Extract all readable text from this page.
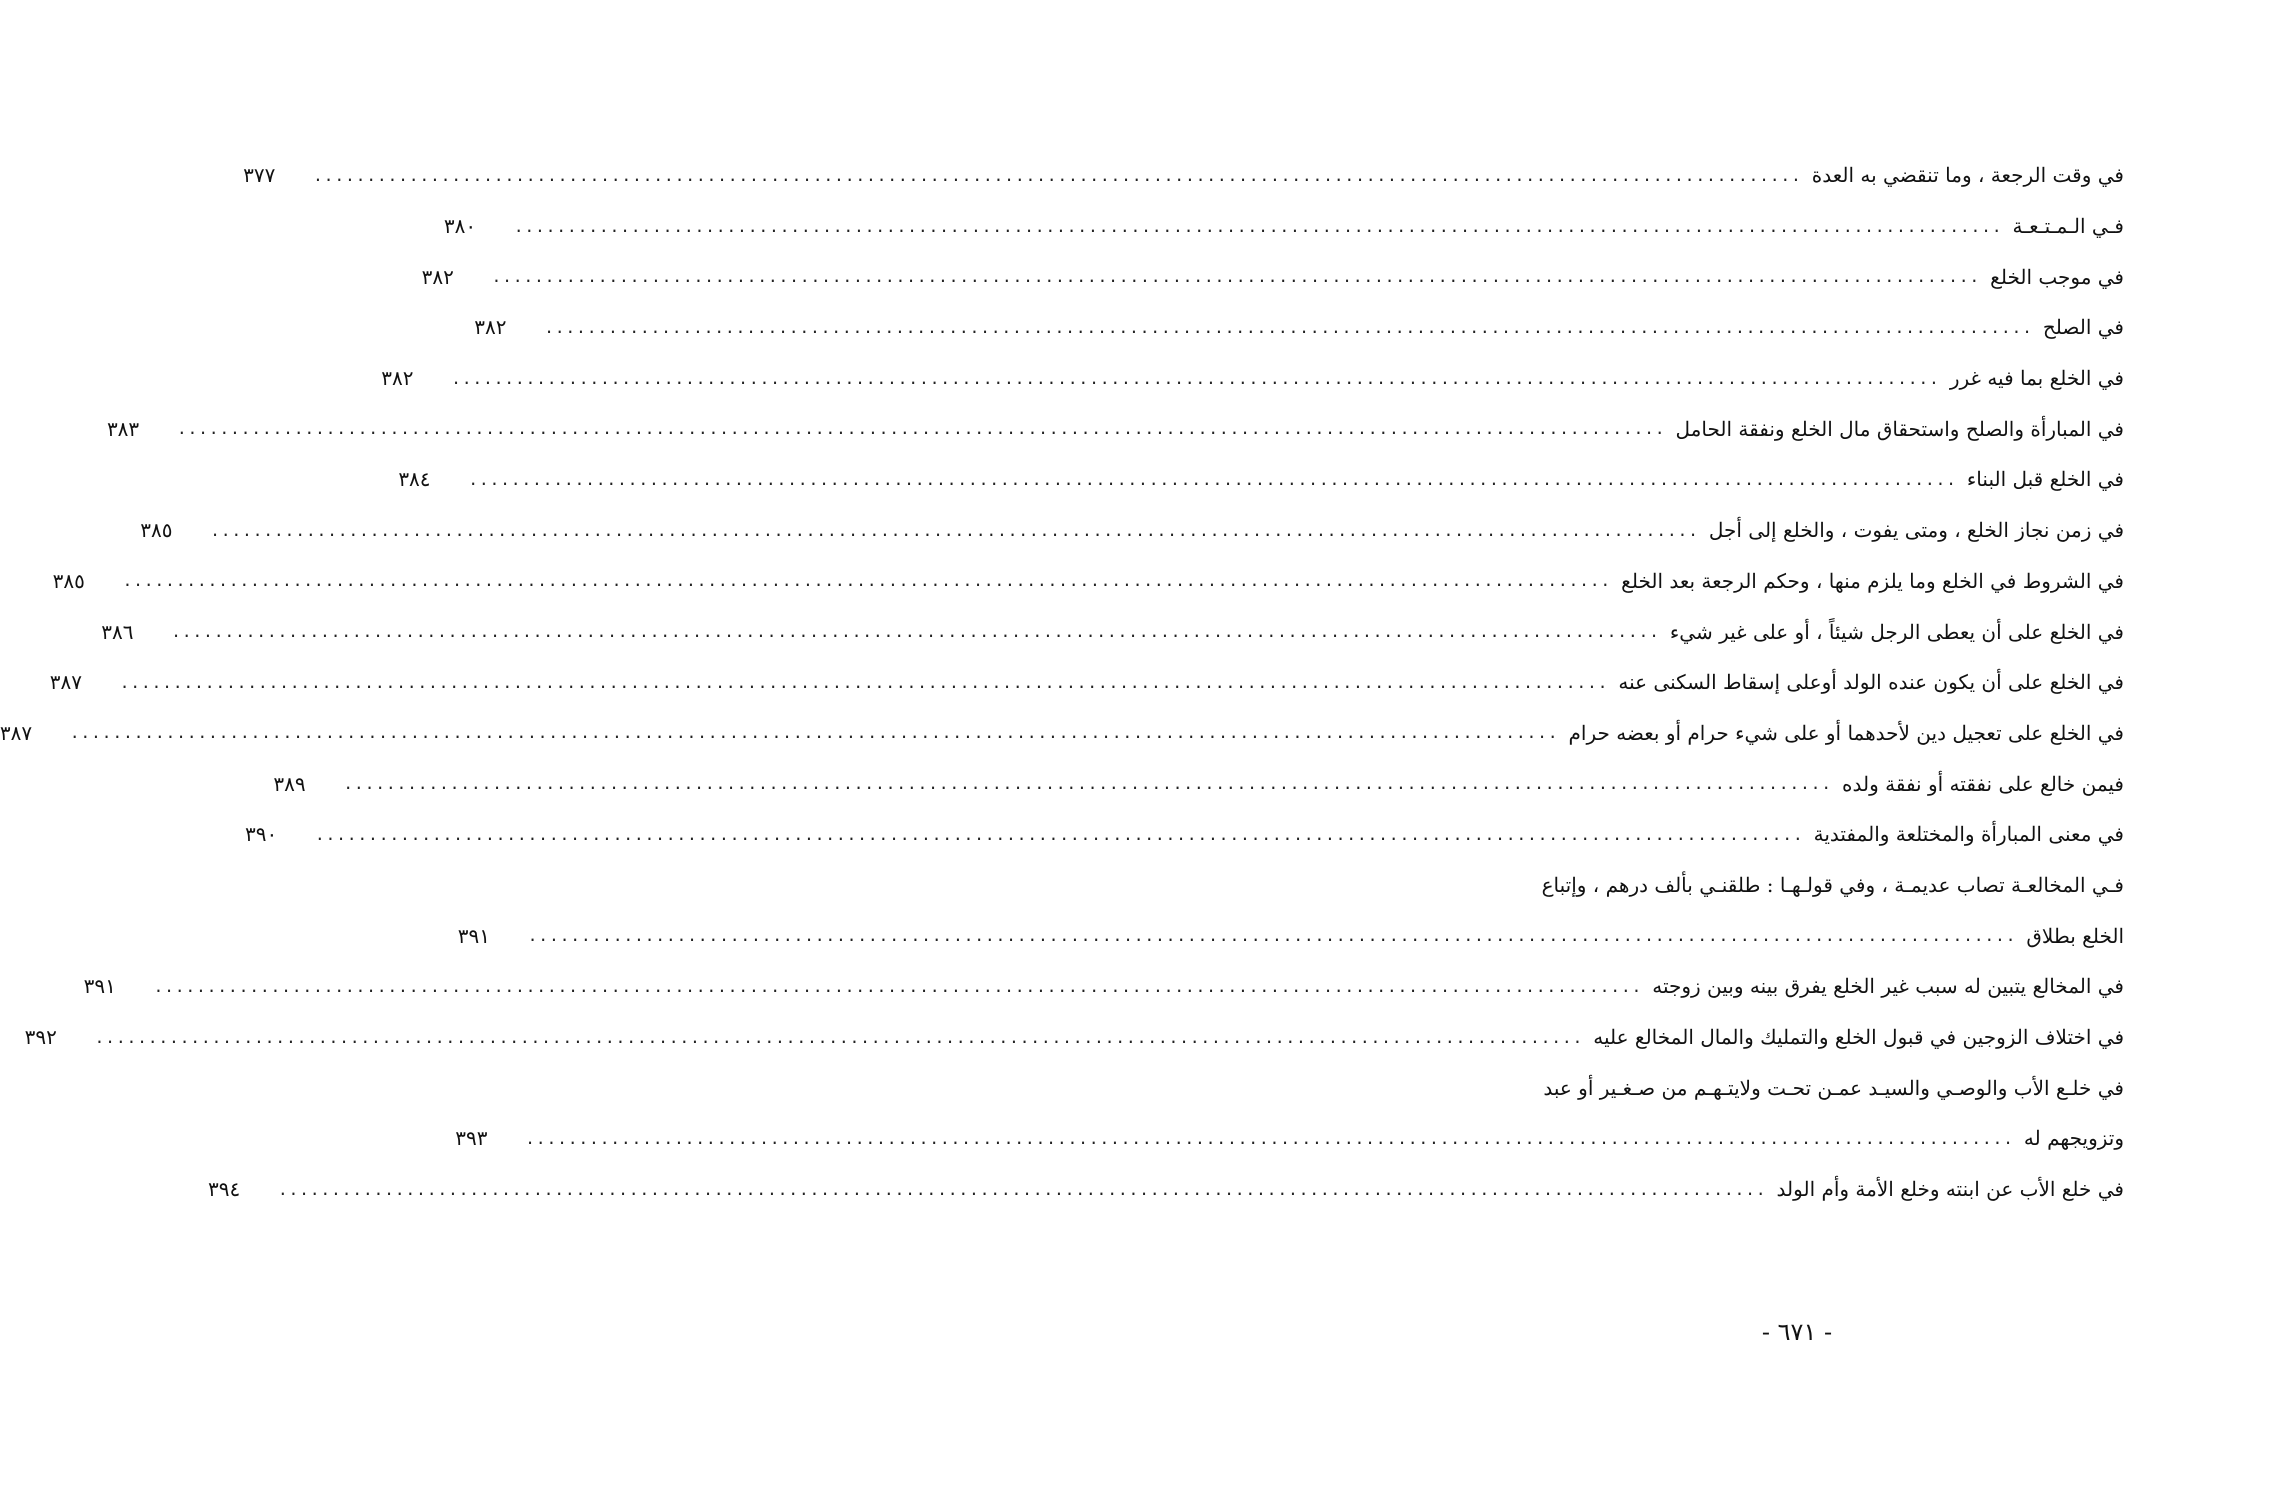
في وقت الرجعة ، وما تنقضي به العدة
............................................................................................................................................
٣٧٧
فـي الـمـتـعـة
............................................................................................................................................
٣٨٠
في موجب الخلع
............................................................................................................................................
٣٨٢
في الصلح
............................................................................................................................................
٣٨٢
في الخلع بما فيه غرر
............................................................................................................................................
٣٨٢
في المبارأة والصلح واستحقاق مال الخلع ونفقة الحامل
............................................................................................................................................
٣٨٣
في الخلع قبل البناء
............................................................................................................................................
٣٨٤
في زمن نجاز الخلع ، ومتى يفوت ، والخلع إلى أجل
............................................................................................................................................
٣٨٥
في الشروط في الخلع وما يلزم منها ، وحكم الرجعة بعد الخلع
............................................................................................................................................
٣٨٥
في الخلع على أن يعطى الرجل شيئاً ، أو على غير شيء
............................................................................................................................................
٣٨٦
في الخلع على أن يكون عنده الولد أوعلى إسقاط السكنى عنه
............................................................................................................................................
٣٨٧
في الخلع على تعجيل دين لأحدهما أو على شيء حرام أو بعضه حرام
............................................................................................................................................
٣٨٧
فيمن خالع على نفقته أو نفقة ولده
............................................................................................................................................
٣٨٩
في معنى المبارأة والمختلعة والمفتدية
............................................................................................................................................
٣٩٠
فـي المخالعـة تصاب عديمـة ، وفي قولـهـا : طلقنـي بألف درهم ، وإتباع
الخلع بطلاق
............................................................................................................................................
٣٩١
في المخالع يتبين له سبب غير الخلع يفرق بينه وبين زوجته
............................................................................................................................................
٣٩١
في اختلاف الزوجين في قبول الخلع والتمليك والمال المخالع عليه
............................................................................................................................................
٣٩٢
في خلـع الأب والوصـي والسيـد عمـن تحـت ولايتـهـم من صـغـير أو عبد
وتزويجهم له
............................................................................................................................................
٣٩٣
في خلع الأب عن ابنته وخلع الأمة وأم الولد
............................................................................................................................................
٣٩٤
- ٦٧١ -
